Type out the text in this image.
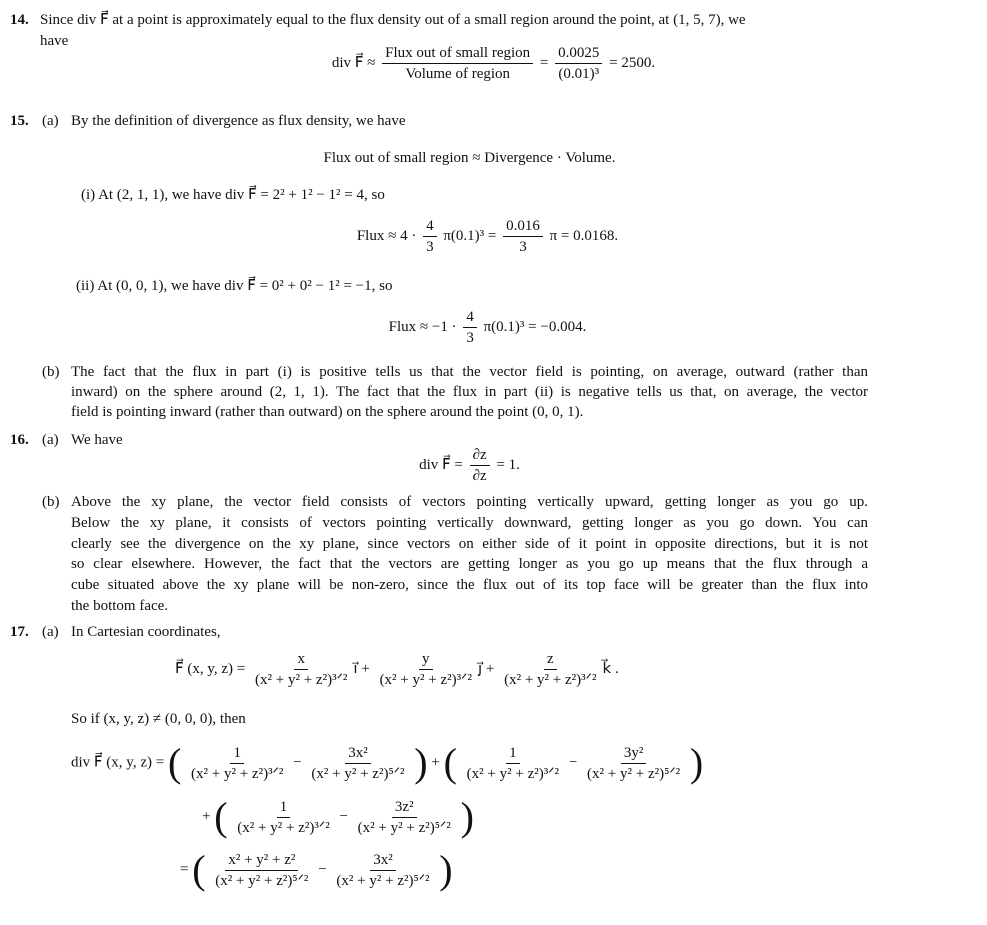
14. Since div F⃗ at a point is approximately equal to the flux density out of a small region around the point, at (1, 5, 7), we
have
div F⃗ ≈ $\frac{\text{Flux out of small region}}{\text{Volume of region}} = \frac{0.0025}{\text{(0.01)³}} = 2500$.
15. (a) By the definition of divergence as flux density, we have
Flux out of small region ≈ Divergence · Volume.
(i) At (2, 1, 1), we have div F⃗ = 2² + 1² − 1² = 4, so
Flux ≈ $4 \cdot \frac{4}{3} \pi(0.1)^3 = \frac{0.016}{3}$ π = 0.0168.
(ii) At (0, 0, 1), we have div F⃗ = 0² + 0² − 1² = −1, so
Flux ≈ $-1 \cdot \frac{4}{3} \pi(0.1)^3 = -0.004$.
(b) The fact that the flux in part (i) is positive tells us that the vector field is pointing, on average, outward (rather than
inward) on the sphere around (2, 1, 1). The fact that the flux in part (ii) is negative tells us that, on average, the vector
field is pointing inward (rather than outward) on the sphere around the point (0, 0, 1).
16. (a) We have
div F⃗ = $\frac{\partial z}{\partial z} = 1$.
(b) Above the xy plane, the vector field consists of vectors pointing vertically upward, getting longer as you go up.
Below the xy plane, it consists of vectors pointing vertically downward, getting longer as you go down. You can
clearly see the divergence on the xy plane, since vectors on either side of it point in opposite directions, but it is not
so clear elsewhere. However, the fact that the vectors are getting longer as you go up means that the flux through a
cube situated above the xy plane will be non-zero, since the flux out of its top face will be greater than the flux into
the bottom face.
17. (a) In Cartesian coordinates,
F⃗ (x, y, $z) = \frac{x}{\text{(x² + y² + z²)³ᐟ²}}$ i⃗ + $\frac{y}{\text{(x² + y² + z²)³ᐟ²}}$ j⃗ + $\frac{z}{\text{(x² + y² + z²)³ᐟ²}}$ k⃗ .
So if (x, y, z) ≠ (0, 0, 0), then
div F⃗ (x, y, z) = ( $\frac{1}{\text{(x² + y² + z²)³ᐟ²}} - \frac{\text{3x²}}{\text{(x² + y² + z²)⁵ᐟ²}}$ ) + ( $\frac{1}{\text{(x² + y² + z²)³ᐟ²}} - \frac{\text{3y²}}{\text{(x² + y² + z²)⁵ᐟ²}}$ )
+ ( $\frac{1}{\text{(x² + y² + z²)³ᐟ²}} - \frac{\text{3z²}}{\text{(x² + y² + z²)⁵ᐟ²}}$ )
= ( $\frac{\text{x² + y² + z²}}{\text{(x² + y² + z²)⁵ᐟ²}} - \frac{\text{3x²}}{\text{(x² + y² + z²)⁵ᐟ²}}$ )
